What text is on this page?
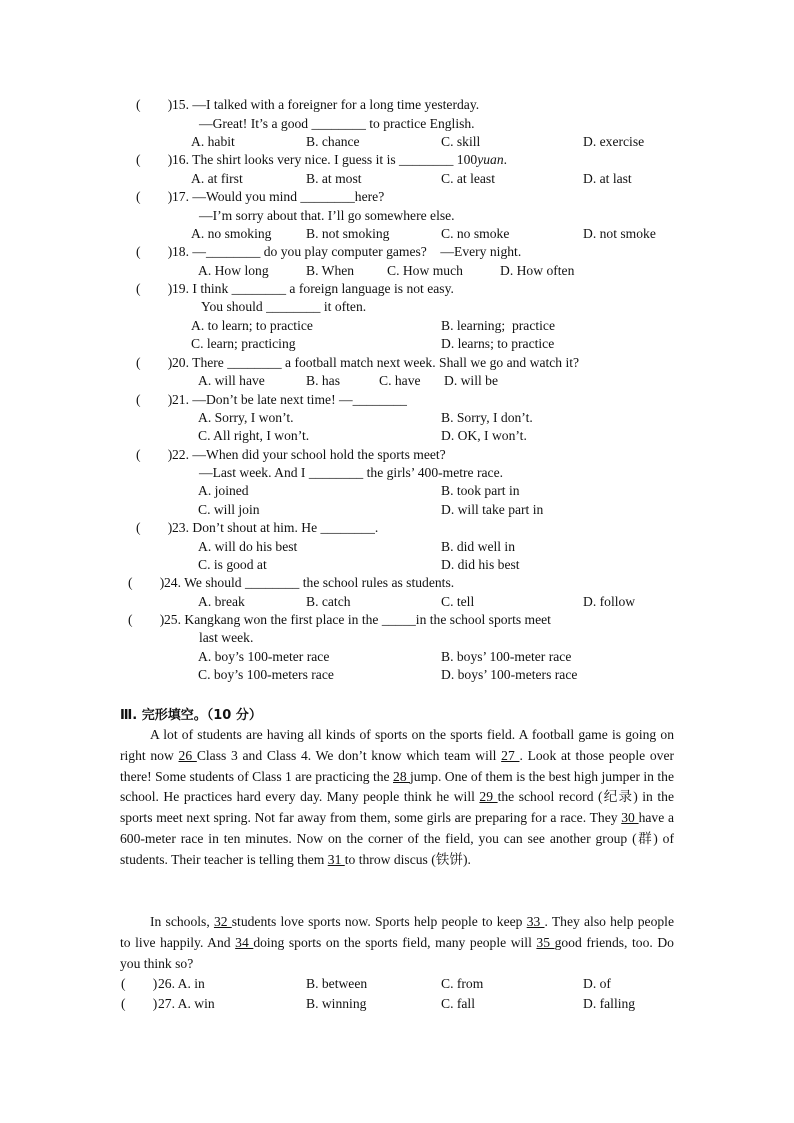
(        ) 15. —I talked with a foreigner for a long time yesterday.
—Great! It’s a good ________ to practice English.
A. habit	B. chance	C. skill	D. exercise
(        ) 16. The shirt looks very nice. I guess it is ________ 100yuan.
A. at first	B. at most	C. at least	D. at last
(        ) 17. —Would you mind ________here?
—I’m sorry about that. I’ll go somewhere else.
A. no smoking	B. not smoking	C. no smoke	D. not smoke
(        ) 18. —________ do you play computer games?    —Every night.
A. How long	B. When C. How much	D. How often
(        ) 19. I think ________ a foreign language is not easy.
You should ________ it often.
A. to learn; to practice	B. learning;  practice
C. learn; practicing	D. learns; to practice
(        ) 20. There ________ a football match next week. Shall we go and watch it?
A. will have	B. has	C. have D. will be
(        ) 21. —Don’t be late next time! —________
A. Sorry, I won’t.	B. Sorry, I don’t.
C. All right, I won’t.	D. OK, I won’t.
(        ) 22. —When did your school hold the sports meet?
—Last week. And I ________ the girls’ 400-metre race.
A. joined	B. took part in
C. will join	D. will take part in
(        ) 23. Don’t shout at him. He ________.
A. will do his best	B. did well in
C. is good at	D. did his best
(        ) 24. We should ________ the school rules as students.
A. break	B. catch	C. tell	D. follow
(        ) 25. Kangkang won the first place in the _____in the school sports meet
last week.
A. boy’s 100-meter race	B. boys’ 100-meter race
C. boy’s 100-meters race	D. boys’ 100-meters race
Ⅲ. 完形填空。（10 分）

A lot of students are having all kinds of sports on the sports field. A football game is going on right now 26 Class 3 and Class 4. We don’t know which team will 27 . Look at those people over there! Some students of Class 1 are practicing the 28 jump. One of them is the best high jumper in the school. He practices hard every day. Many people think he will 29 the school record (纪录) in the sports meet next spring. Not far away from them, some girls are preparing for a race. They 30 have a 600-meter race in ten minutes. Now on the corner of the field, you can see another group (群) of students. Their teacher is telling them 31 to throw discus (铁饼).

In schools, 32 students love sports now. Sports help people to keep 33 . They also help people to live happily. And 34 doing sports on the sports field, many people will 35 good friends, too. Do you think so?

(        ) 26. A. in	B. between	C. from	D. of
(        ) 27. A. win	B. winning	C. fall	D. falling
